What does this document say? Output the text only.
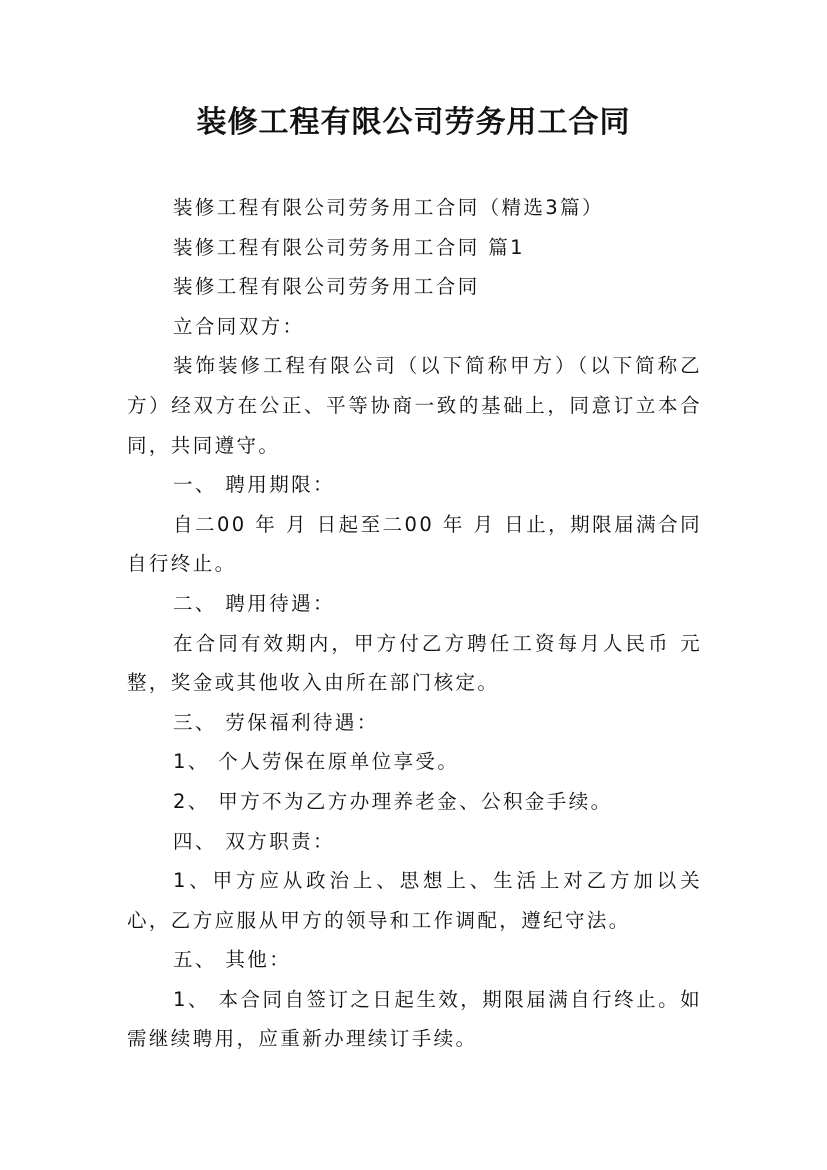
装修工程有限公司劳务用工合同

装修工程有限公司劳务用工合同（精选3篇）

装修工程有限公司劳务用工合同 篇1

装修工程有限公司劳务用工合同

立合同双方：

装饰装修工程有限公司（以下简称甲方）（以下简称乙方）经双方在公正、平等协商一致的基础上，同意订立本合同，共同遵守。

一、 聘用期限：

自二00 年 月 日起至二00 年 月 日止，期限届满合同自行终止。

二、 聘用待遇：

在合同有效期内，甲方付乙方聘任工资每月人民币 元整，奖金或其他收入由所在部门核定。

三、 劳保福利待遇：

1、 个人劳保在原单位享受。

2、 甲方不为乙方办理养老金、公积金手续。

四、 双方职责：

1、甲方应从政治上、思想上、生活上对乙方加以关心，乙方应服从甲方的领导和工作调配，遵纪守法。

五、 其他：

1、 本合同自签订之日起生效，期限届满自行终止。如需继续聘用，应重新办理续订手续。
